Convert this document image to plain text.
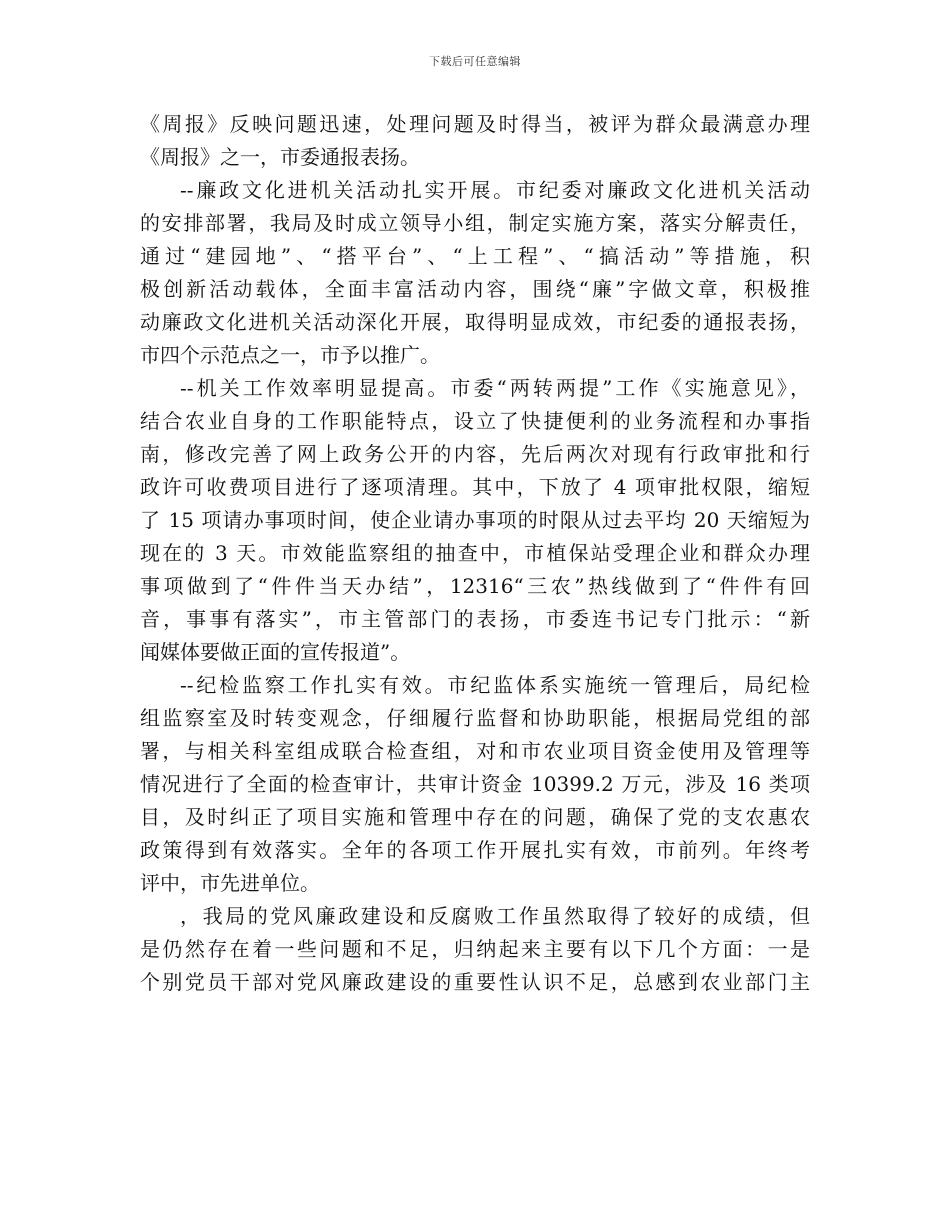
下载后可任意编辑
《周报》反映问题迅速，处理问题及时得当，被评为群众最满意办理
《周报》之一，市委通报表扬。
--廉政文化进机关活动扎实开展。市纪委对廉政文化进机关活动
的安排部署，我局及时成立领导小组，制定实施方案，落实分解责任，
通过“建园地”、“搭平台”、“上工程”、“搞活动”等措施，积
极创新活动载体，全面丰富活动内容，围绕“廉”字做文章，积极推
动廉政文化进机关活动深化开展，取得明显成效，市纪委的通报表扬，
市四个示范点之一，市予以推广。
--机关工作效率明显提高。市委“两转两提”工作《实施意见》，
结合农业自身的工作职能特点，设立了快捷便利的业务流程和办事指
南，修改完善了网上政务公开的内容，先后两次对现有行政审批和行
政许可收费项目进行了逐项清理。其中，下放了 4 项审批权限，缩短
了 15 项请办事项时间，使企业请办事项的时限从过去平均 20 天缩短为
现在的 3 天。市效能监察组的抽查中，市植保站受理企业和群众办理
事项做到了“件件当天办结”，12316“三农”热线做到了“件件有回
音，事事有落实”，市主管部门的表扬，市委连书记专门批示：“新
闻媒体要做正面的宣传报道”。
--纪检监察工作扎实有效。市纪监体系实施统一管理后，局纪检
组监察室及时转变观念，仔细履行监督和协助职能，根据局党组的部
署，与相关科室组成联合检查组，对和市农业项目资金使用及管理等
情况进行了全面的检查审计，共审计资金 10399.2 万元，涉及 16 类项
目，及时纠正了项目实施和管理中存在的问题，确保了党的支农惠农
政策得到有效落实。全年的各项工作开展扎实有效，市前列。年终考
评中，市先进单位。
，我局的党风廉政建设和反腐败工作虽然取得了较好的成绩，但
是仍然存在着一些问题和不足，归纳起来主要有以下几个方面：一是
个别党员干部对党风廉政建设的重要性认识不足，总感到农业部门主
